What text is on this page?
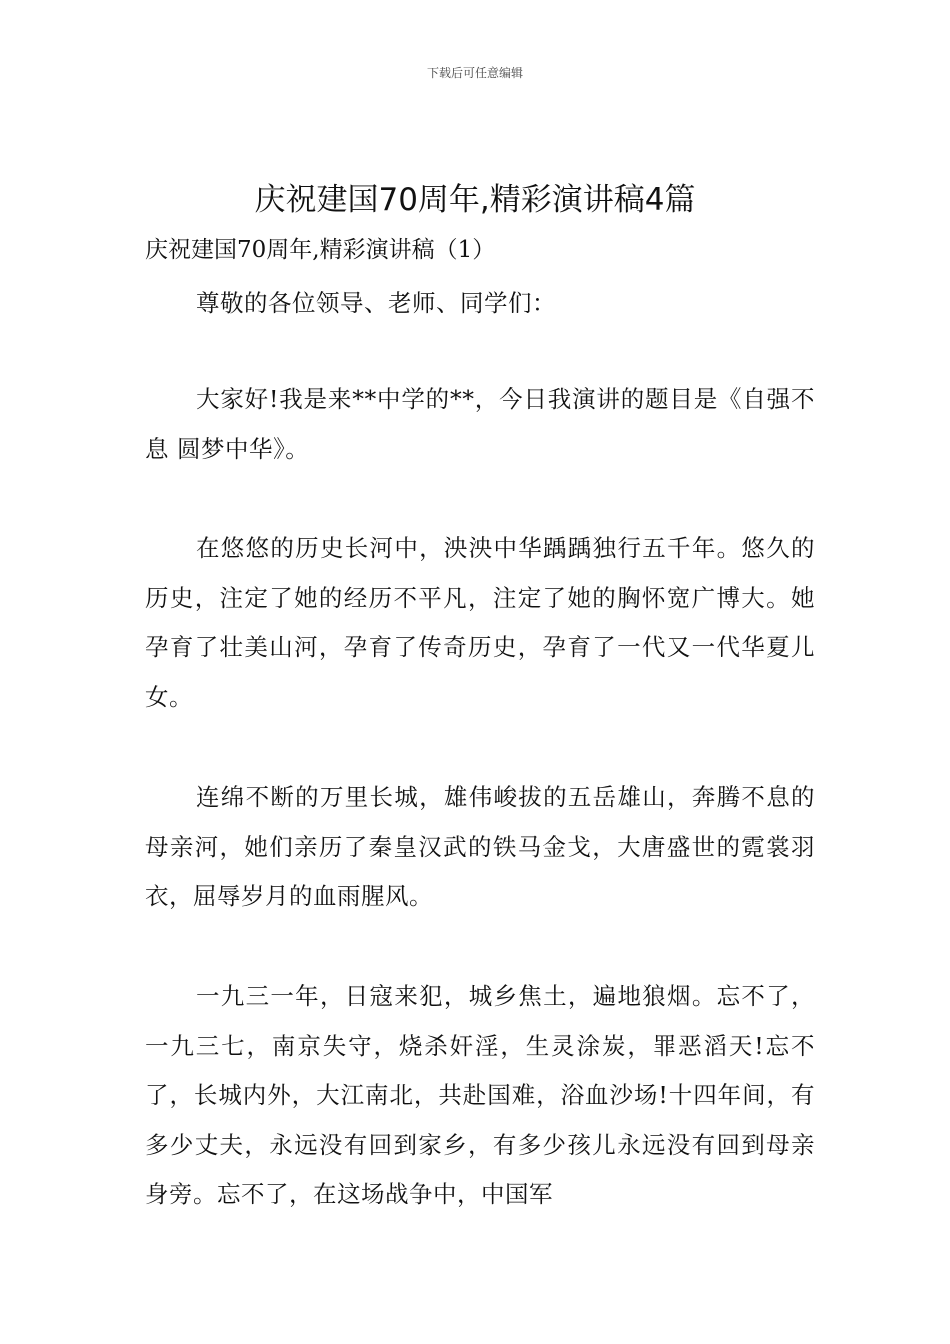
下载后可任意编辑
庆祝建国70周年,精彩演讲稿4篇
庆祝建国70周年,精彩演讲稿（1）

尊敬的各位领导、老师、同学们：

大家好!我是来**中学的**，今日我演讲的题目是《自强不息 圆梦中华》。

在悠悠的历史长河中，泱泱中华踽踽独行五千年。悠久的历史，注定了她的经历不平凡，注定了她的胸怀宽广博大。她孕育了壮美山河，孕育了传奇历史，孕育了一代又一代华夏儿女。

连绵不断的万里长城，雄伟峻拔的五岳雄山，奔腾不息的母亲河，她们亲历了秦皇汉武的铁马金戈，大唐盛世的霓裳羽衣，屈辱岁月的血雨腥风。

一九三一年，日寇来犯，城乡焦土，遍地狼烟。忘不了，一九三七，南京失守，烧杀奸淫，生灵涂炭，罪恶滔天!忘不了，长城内外，大江南北，共赴国难，浴血沙场!十四年间，有多少丈夫，永远没有回到家乡，有多少孩儿永远没有回到母亲身旁。忘不了，在这场战争中，中国军
